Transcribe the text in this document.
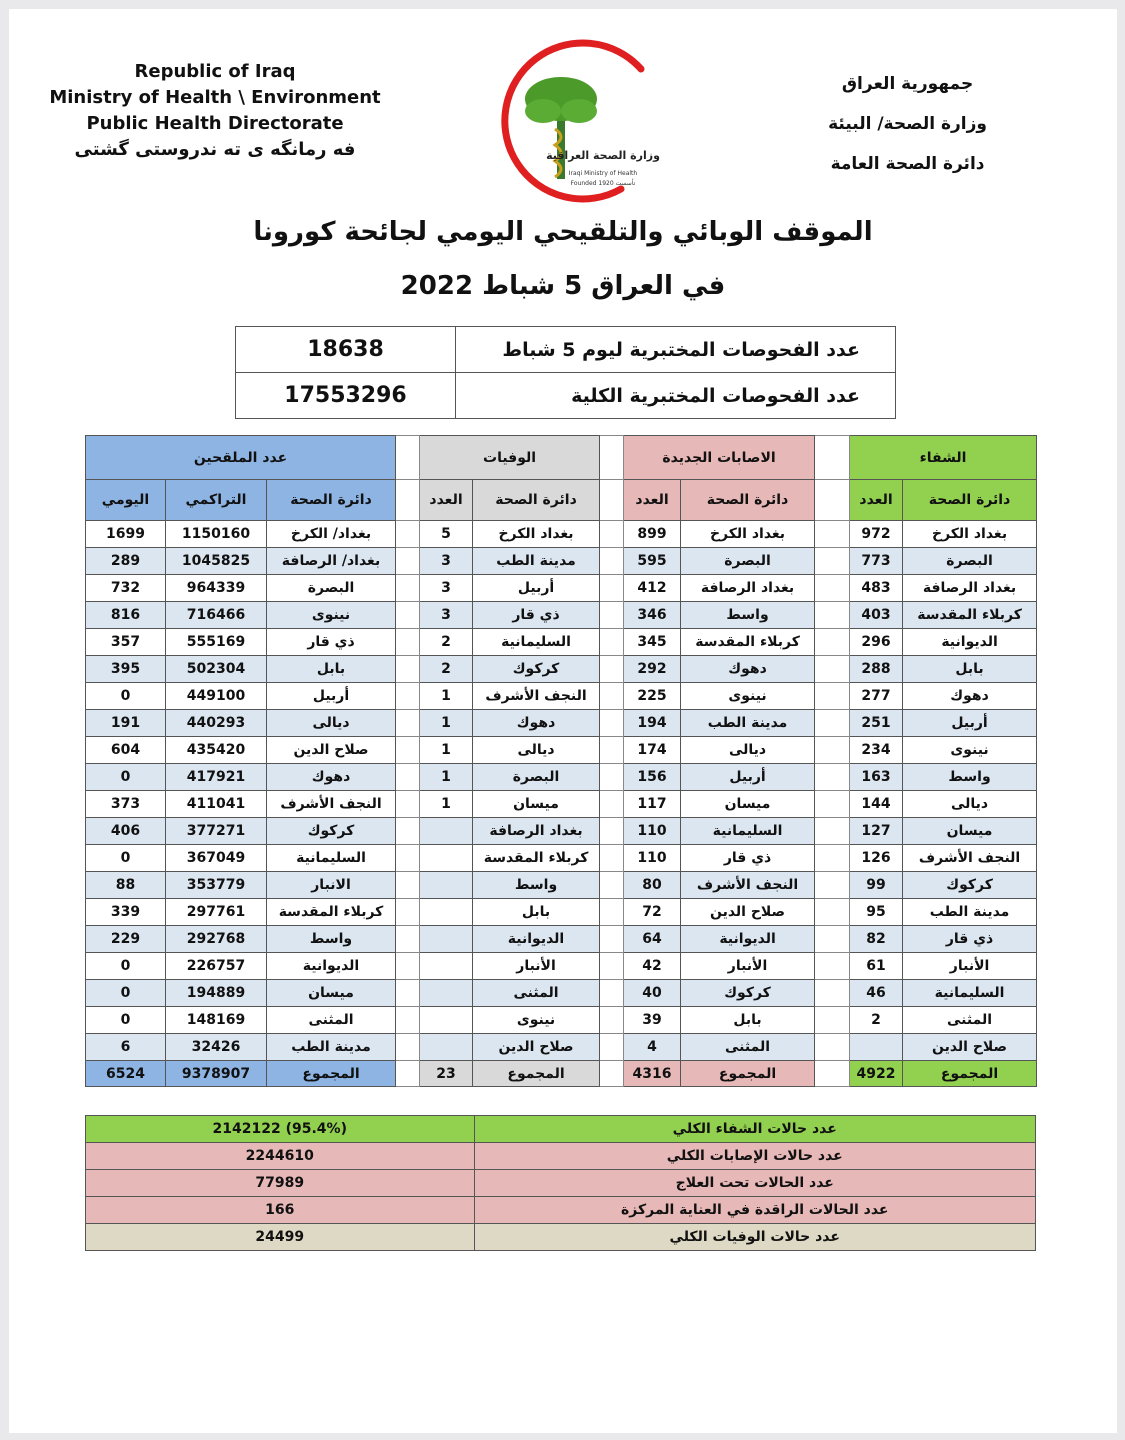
Republic of Iraq
Ministry of Health \ Environment
Public Health Directorate
فه رمانگه ى ته ندروستى گشتى	وزارة الصحة العراقية
Iraqi Ministry of Health
Founded 1920 تأسست
جمهورية العراق
وزارة الصحة/ البيئة
دائرة الصحة العامة
الموقف الوبائي والتلقيحي اليومي لجائحة كورونا
في العراق 5 شباط 2022
18638	عدد الفحوصات المختبرية ليوم 5 شباط
17553296	عدد الفحوصات المختبرية الكلية
عدد الملقحين				الوفيات			الاصابات الجديدة			الشفاء	
اليومي	التراكمي	دائرة الصحة		العدد	دائرة الصحة		العدد	دائرة الصحة		العدد	دائرة الصحة
1699	1150160	بغداد/ الكرخ		5	بغداد الكرخ		899	بغداد الكرخ		972	بغداد الكرخ
289	1045825	بغداد/ الرصافة		3	مدينة الطب		595	البصرة		773	البصرة
732	964339	البصرة		3	أربيل		412	بغداد الرصافة		483	بغداد الرصافة
816	716466	نينوى		3	ذي قار		346	واسط		403	كربلاء المقدسة
357	555169	ذي قار		2	السليمانية		345	كربلاء المقدسة		296	الديوانية
395	502304	بابل		2	كركوك		292	دهوك		288	بابل
0	449100	أربيل		1	النجف الأشرف		225	نينوى		277	دهوك
191	440293	ديالى		1	دهوك		194	مدينة الطب		251	أربيل
604	435420	صلاح الدين		1	ديالى		174	ديالى		234	نينوى
0	417921	دهوك		1	البصرة		156	أربيل		163	واسط
373	411041	النجف الأشرف		1	ميسان		117	ميسان		144	ديالى
406	377271	كركوك			بغداد الرصافة		110	السليمانية		127	ميسان
0	367049	السليمانية			كربلاء المقدسة		110	ذي قار		126	النجف الأشرف
88	353779	الانبار			واسط		80	النجف الأشرف		99	كركوك
339	297761	كربلاء المقدسة			بابل		72	صلاح الدين		95	مدينة الطب
229	292768	واسط			الديوانية		64	الديوانية		82	ذي قار
0	226757	الديوانية			الأنبار		42	الأنبار		61	الأنبار
0	194889	ميسان			المثنى		40	كركوك		46	السليمانية
0	148169	المثنى			نينوى		39	بابل		2	المثنى
6	32426	مدينة الطب			صلاح الدين		4	المثنى			صلاح الدين
6524	9378907	المجموع		23	المجموع		4316	المجموع		4922	المجموع
2142122 (95.4%)	عدد حالات الشفاء الكلي
2244610	عدد حالات الإصابات الكلي
77989	عدد الحالات تحت العلاج
166	عدد الحالات الراقدة في العناية المركزة
24499	عدد حالات الوفيات الكلي
